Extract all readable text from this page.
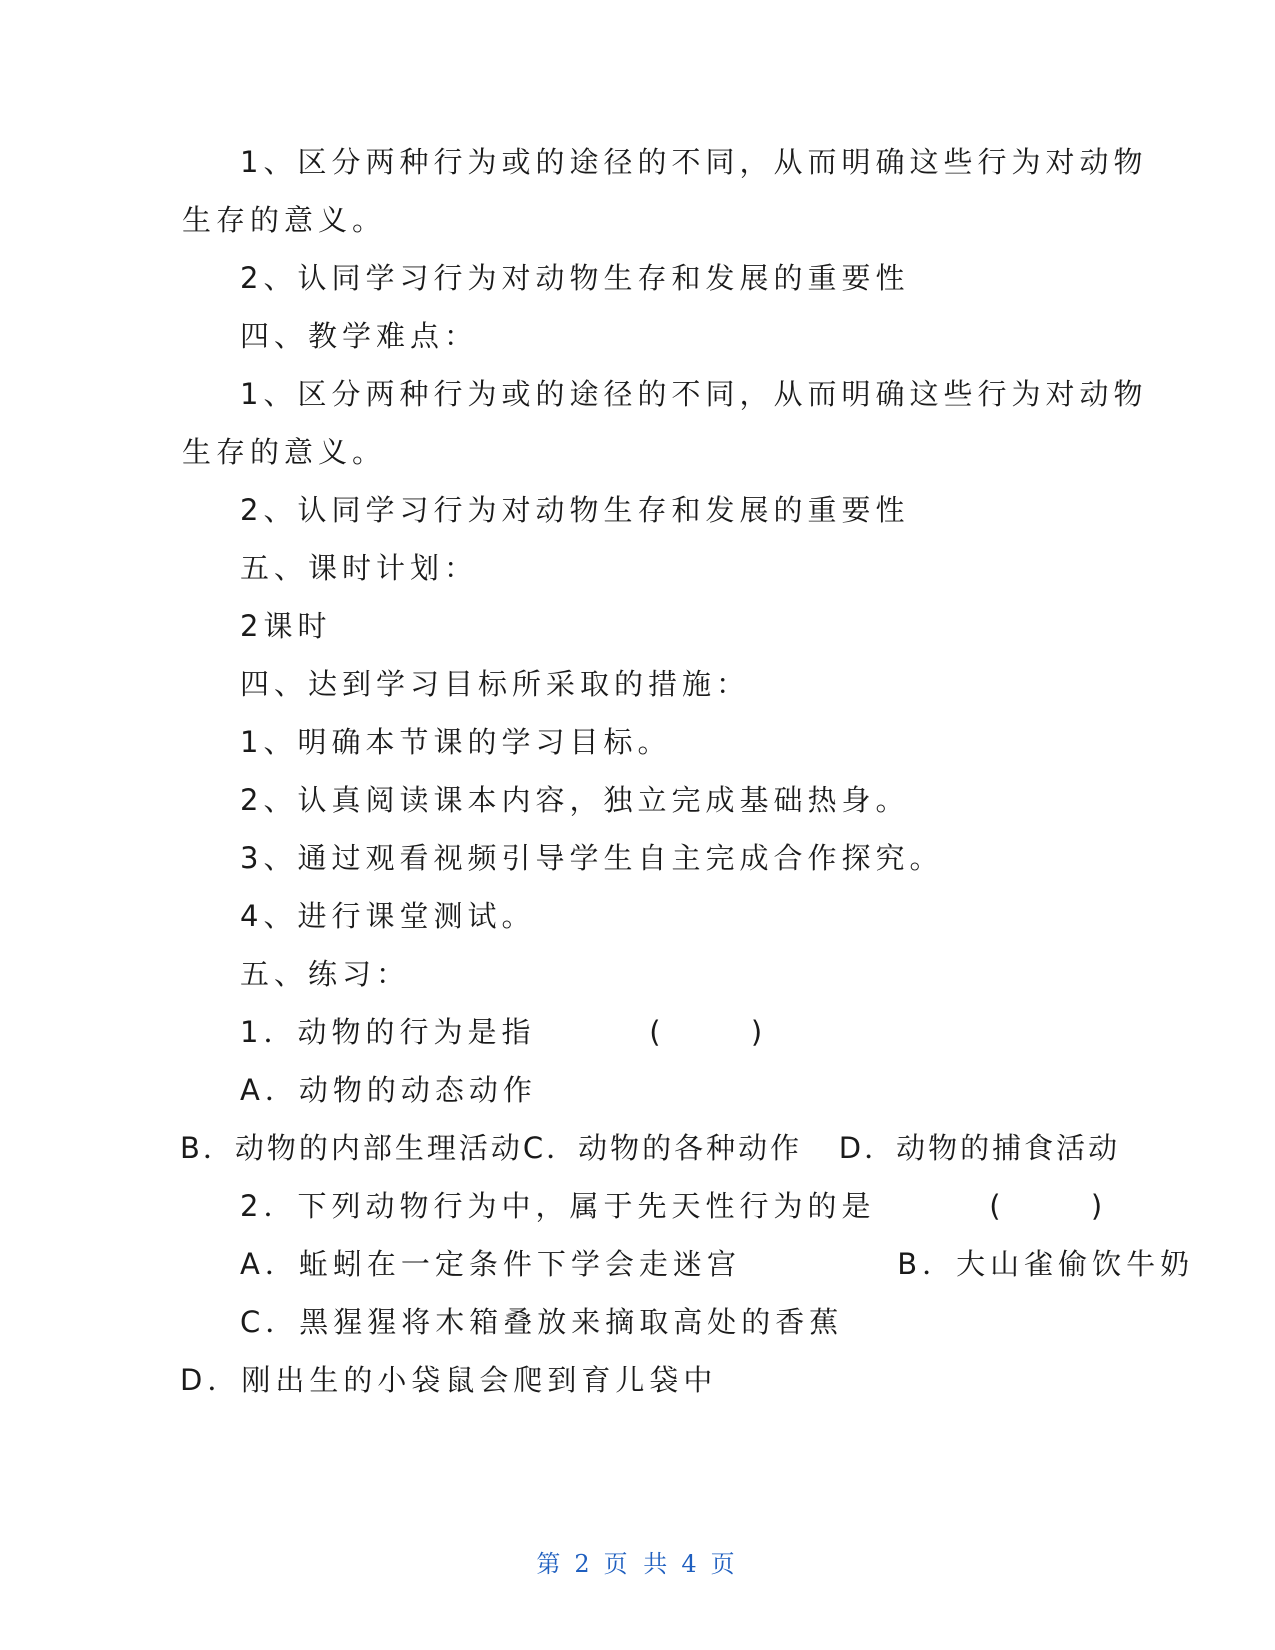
1、区分两种行为或的途径的不同，从而明确这些行为对动物
生存的意义。
2、认同学习行为对动物生存和发展的重要性
四、教学难点：
1、区分两种行为或的途径的不同，从而明确这些行为对动物
生存的意义。
2、认同学习行为对动物生存和发展的重要性
五、课时计划：
2课时
四、达到学习目标所采取的措施：
1、明确本节课的学习目标。
2、认真阅读课本内容，独立完成基础热身。
3、通过观看视频引导学生自主完成合作探究。
4、进行课堂测试。
五、练习：
1．动物的行为是指        (      )
A．动物的动态动作
B．动物的内部生理活动C．动物的各种动作   D．动物的捕食活动
2．下列动物行为中，属于先天性行为的是        (      )
A．蚯蚓在一定条件下学会走迷宫           B．大山雀偷饮牛奶
C．黑猩猩将木箱叠放来摘取高处的香蕉
D．刚出生的小袋鼠会爬到育儿袋中
第 2 页 共 4 页
